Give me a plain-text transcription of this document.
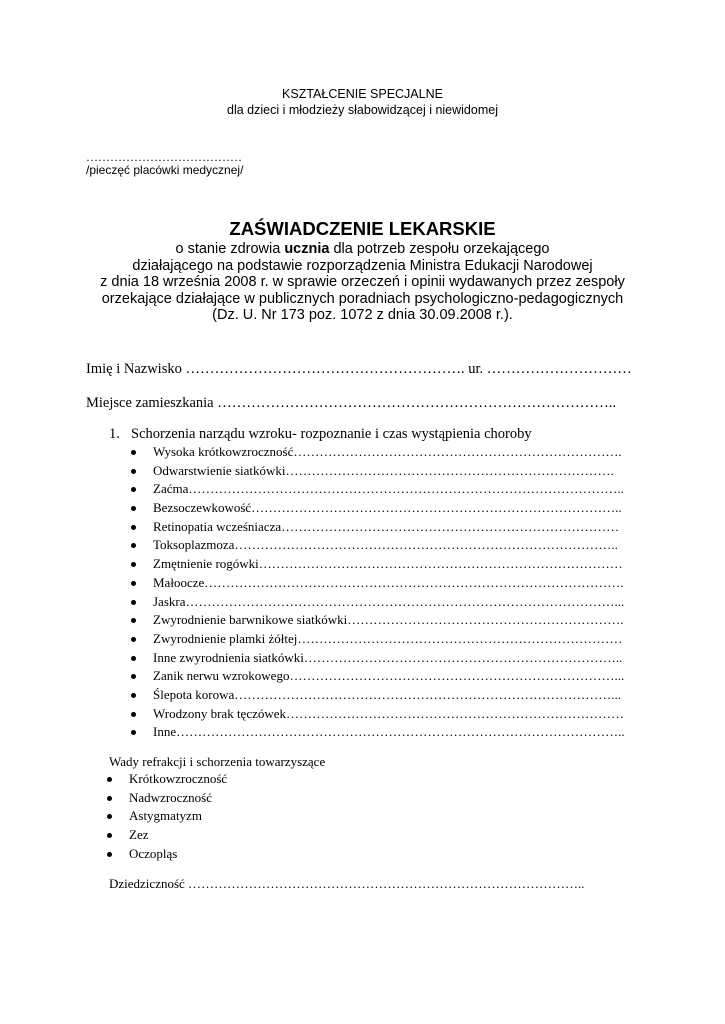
KSZTAŁCENIE SPECJALNE
dla dzieci i młodzieży słabowidzącej i niewidomej
…………………………………
/pieczęć placówki medycznej/
ZAŚWIADCZENIE LEKARSKIE
o stanie zdrowia ucznia dla potrzeb zespołu orzekającego
działającego na podstawie rozporządzenia Ministra Edukacji Narodowej
z dnia 18 września 2008 r. w sprawie orzeczeń i opinii wydawanych przez zespoły
orzekające działające w publicznych poradniach psychologiczno-pedagogicznych
(Dz. U. Nr 173 poz. 1072 z dnia 30.09.2008 r.).
Imię i Nazwisko …………………………………………………. ur. …………………………
Miejsce zamieszkania ………………………………………………………………………..
1. Schorzenia narządu wzroku- rozpoznanie i czas wystąpienia choroby
Wysoka krótkowzroczność………………………………………………………………….
Odwarstwienie siatkówki………………………………………………………………….
Zaćma………………………………………………………………………………………..
Bezsoczewkowość…………………………………………………………………………..
Retinopatia wcześniacza……………………………………………………………………
Toksoplazmoza……………………………………………………………………………..
Zmętnienie rogówki…………………………………………………………………………
Małoocze…………………………………………………………………………………….
Jaskra………………………………………………………………………………………...
Zwyrodnienie barwnikowe siatkówki……………………………………………………….
Zwyrodnienie plamki żółtej…………………………………………………………………
Inne zwyrodnienia siatkówki………………………………………………………………..
Zanik nerwu wzrokowego…………………………………………………………………...
Ślepota korowa……………………………………………………………………………...
Wrodzony brak tęczówek……………………………………………………………………
Inne…………………………………………………………………………………………..
Wady refrakcji i schorzenia towarzyszące
Krótkowzroczność
Nadwzroczność
Astygmatyzm
Zez
Oczopląs
Dziedziczność ………………………………………………………………………………..
